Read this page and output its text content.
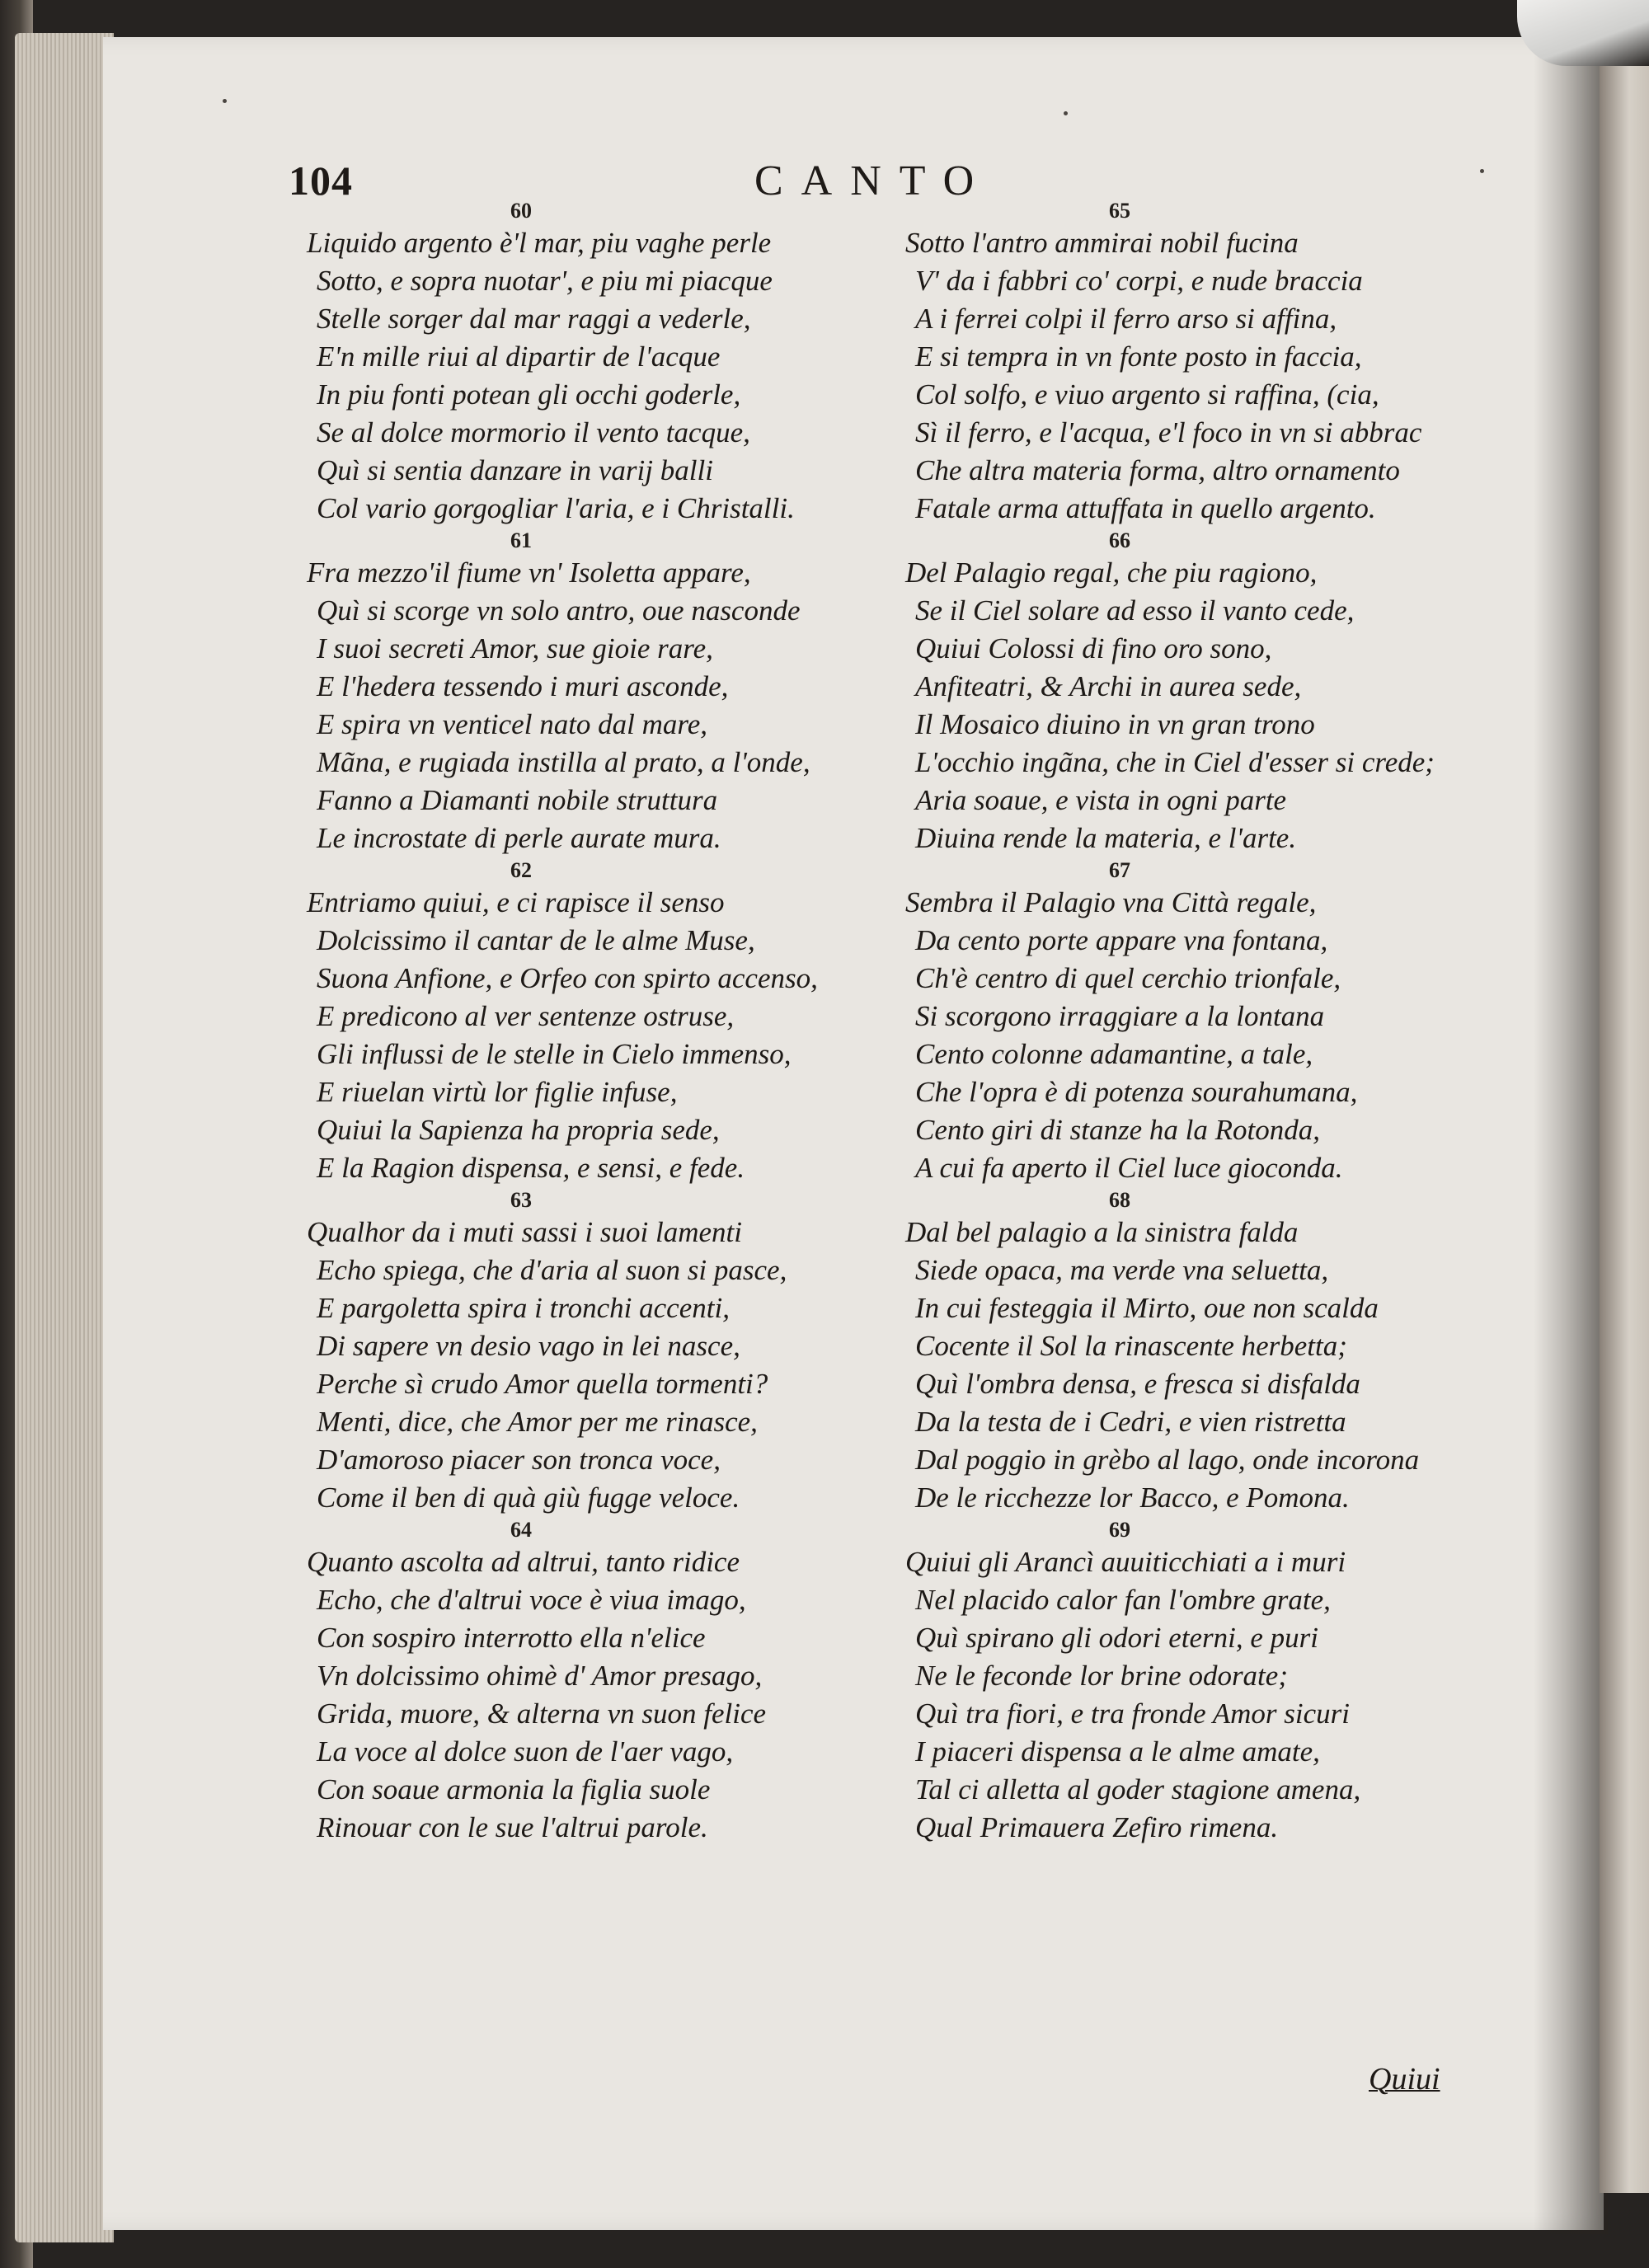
104	CANTO
60
Liquido argento è'l mar, piu vaghe perle
Sotto, e sopra nuotar', e piu mi piacque
Stelle sorger dal mar raggi a vederle,
E'n mille riui al dipartir de l'acque
In piu fonti potean gli occhi goderle,
Se al dolce mormorio il vento tacque,
Quì si sentia danzare in varij balli
Col vario gorgogliar l'aria, e i Christalli.
61
Fra mezzo'il fiume vn' Isoletta appare,
Quì si scorge vn solo antro, oue nasconde
I suoi secreti Amor, sue gioie rare,
E l'hedera tessendo i muri asconde,
E spira vn venticel nato dal mare,
Mãna, e rugiada instilla al prato, a l'onde,
Fanno a Diamanti nobile struttura
Le incrostate di perle aurate mura.
62
Entriamo quiui, e ci rapisce il senso
Dolcissimo il cantar de le alme Muse,
Suona Anfione, e Orfeo con spirto accenso,
E predicono al ver sentenze ostruse,
Gli influssi de le stelle in Cielo immenso,
E riuelan virtù lor figlie infuse,
Quiui la Sapienza ha propria sede,
E la Ragion dispensa, e sensi, e fede.
63
Qualhor da i muti sassi i suoi lamenti
Echo spiega, che d'aria al suon si pasce,
E pargoletta spira i tronchi accenti,
Di sapere vn desio vago in lei nasce,
Perche sì crudo Amor quella tormenti?
Menti, dice, che Amor per me rinasce,
D'amoroso piacer son tronca voce,
Come il ben di quà giù fugge veloce.
64
Quanto ascolta ad altrui, tanto ridice
Echo, che d'altrui voce è viua imago,
Con sospiro interrotto ella n'elice
Vn dolcissimo ohimè d' Amor presago,
Grida, muore, & alterna vn suon felice
La voce al dolce suon de l'aer vago,
Con soaue armonia la figlia suole
Rinouar con le sue l'altrui parole.
65
Sotto l'antro ammirai nobil fucina
V' da i fabbri co' corpi, e nude braccia
A i ferrei colpi il ferro arso si affina,
E si tempra in vn fonte posto in faccia,
Col solfo, e viuo argento si raffina, (cia,
Sì il ferro, e l'acqua, e'l foco in vn si abbrac
Che altra materia forma, altro ornamento
Fatale arma attuffata in quello argento.
66
Del Palagio regal, che piu ragiono,
Se il Ciel solare ad esso il vanto cede,
Quiui Colossi di fino oro sono,
Anfiteatri, & Archi in aurea sede,
Il Mosaico diuino in vn gran trono
L'occhio ingãna, che in Ciel d'esser si crede;
Aria soaue, e vista in ogni parte
Diuina rende la materia, e l'arte.
67
Sembra il Palagio vna Città regale,
Da cento porte appare vna fontana,
Ch'è centro di quel cerchio trionfale,
Si scorgono irraggiare a la lontana
Cento colonne adamantine, a tale,
Che l'opra è di potenza sourahumana,
Cento giri di stanze ha la Rotonda,
A cui fa aperto il Ciel luce gioconda.
68
Dal bel palagio a la sinistra falda
Siede opaca, ma verde vna seluetta,
In cui festeggia il Mirto, oue non scalda
Cocente il Sol la rinascente herbetta;
Quì l'ombra densa, e fresca si disfalda
Da la testa de i Cedri, e vien ristretta
Dal poggio in grèbo al lago, onde incorona
De le ricchezze lor Bacco, e Pomona.
69
Quiui gli Arancì auuiticchiati a i muri
Nel placido calor fan l'ombre grate,
Quì spirano gli odori eterni, e puri
Ne le feconde lor brine odorate;
Quì tra fiori, e tra fronde Amor sicuri
I piaceri dispensa a le alme amate,
Tal ci alletta al goder stagione amena,
Qual Primauera Zefiro rimena.
Quiui
